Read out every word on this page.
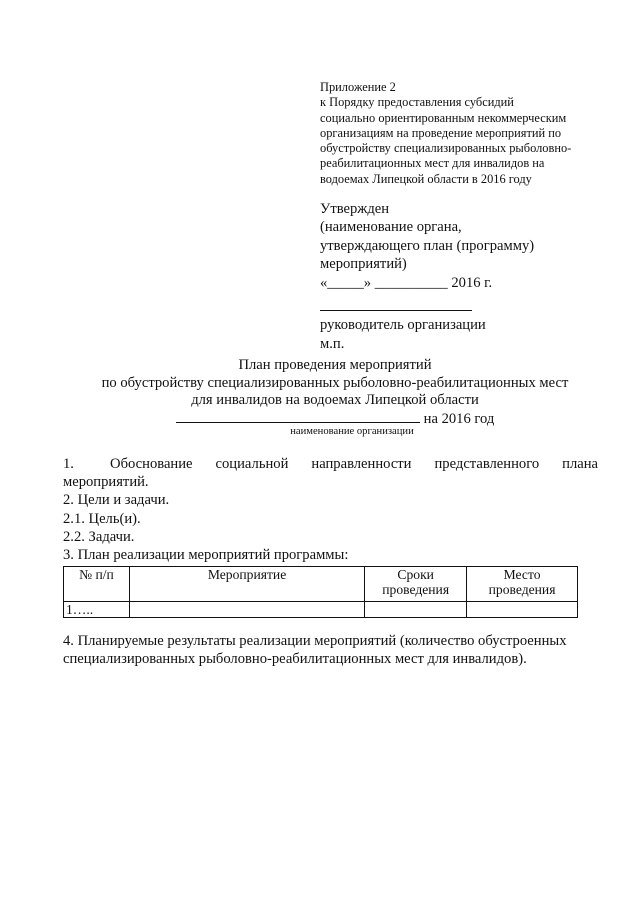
Приложение 2
к Порядку предоставления субсидий
социально ориентированным некоммерческим
организациям на проведение мероприятий по
обустройству специализированных рыболовно-
реабилитационных мест для инвалидов на
водоемах Липецкой области в 2016 году
Утвержден
(наименование органа,
утверждающего план (программу)
мероприятий)
«_____» __________ 2016 г.
руководитель организации
м.п.
План проведения мероприятий
по обустройству специализированных рыболовно-реабилитационных мест
для инвалидов на водоемах Липецкой области
на 2016 год
наименование организации
1. Обоснование социальной направленности представленного плана
мероприятий.
2. Цели и задачи.
2.1. Цель(и).
2.2. Задачи.
3. План реализации мероприятий программы:
№ п/п	Мероприятие	Сроки проведения	Место проведения
1…..			
4. Планируемые результаты реализации мероприятий (количество обустроенных специализированных рыболовно-реабилитационных мест для инвалидов).
